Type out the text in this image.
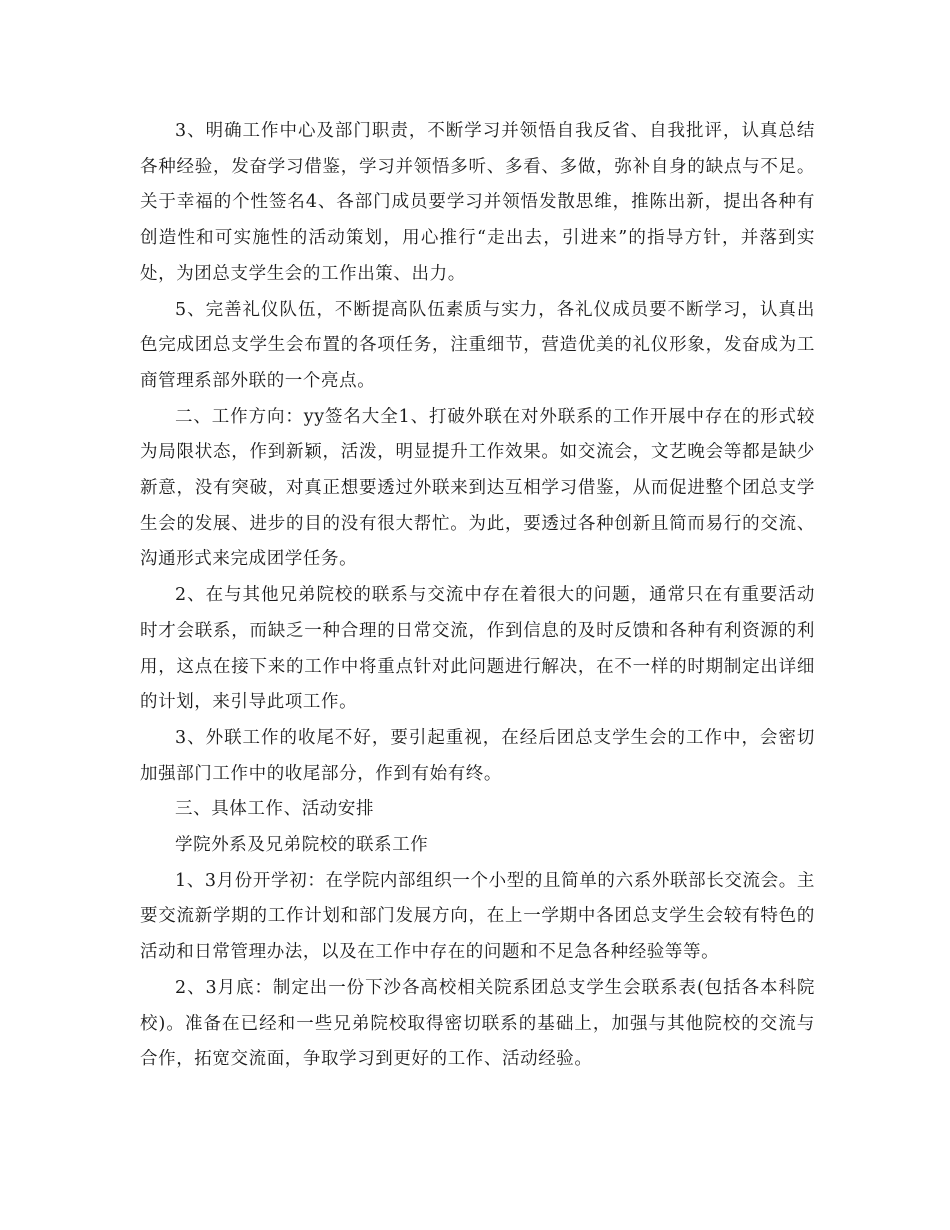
3、明确工作中心及部门职责，不断学习并领悟自我反省、自我批评，认真总结各种经验，发奋学习借鉴，学习并领悟多听、多看、多做，弥补自身的缺点与不足。关于幸福的个性签名4、各部门成员要学习并领悟发散思维，推陈出新，提出各种有创造性和可实施性的活动策划，用心推行“走出去，引进来”的指导方针，并落到实处，为团总支学生会的工作出策、出力。

5、完善礼仪队伍，不断提高队伍素质与实力，各礼仪成员要不断学习，认真出色完成团总支学生会布置的各项任务，注重细节，营造优美的礼仪形象，发奋成为工商管理系部外联的一个亮点。

二、工作方向：yy签名大全1、打破外联在对外联系的工作开展中存在的形式较为局限状态，作到新颖，活泼，明显提升工作效果。如交流会，文艺晚会等都是缺少新意，没有突破，对真正想要透过外联来到达互相学习借鉴，从而促进整个团总支学生会的发展、进步的目的没有很大帮忙。为此，要透过各种创新且简而易行的交流、沟通形式来完成团学任务。

2、在与其他兄弟院校的联系与交流中存在着很大的问题，通常只在有重要活动时才会联系，而缺乏一种合理的日常交流，作到信息的及时反馈和各种有利资源的利用，这点在接下来的工作中将重点针对此问题进行解决，在不一样的时期制定出详细的计划，来引导此项工作。

3、外联工作的收尾不好，要引起重视，在经后团总支学生会的工作中，会密切加强部门工作中的收尾部分，作到有始有终。

三、具体工作、活动安排

学院外系及兄弟院校的联系工作

1、3月份开学初：在学院内部组织一个小型的且简单的六系外联部长交流会。主要交流新学期的工作计划和部门发展方向，在上一学期中各团总支学生会较有特色的活动和日常管理办法，以及在工作中存在的问题和不足急各种经验等等。

2、3月底：制定出一份下沙各高校相关院系团总支学生会联系表(包括各本科院校)。准备在已经和一些兄弟院校取得密切联系的基础上，加强与其他院校的交流与合作，拓宽交流面，争取学习到更好的工作、活动经验。
